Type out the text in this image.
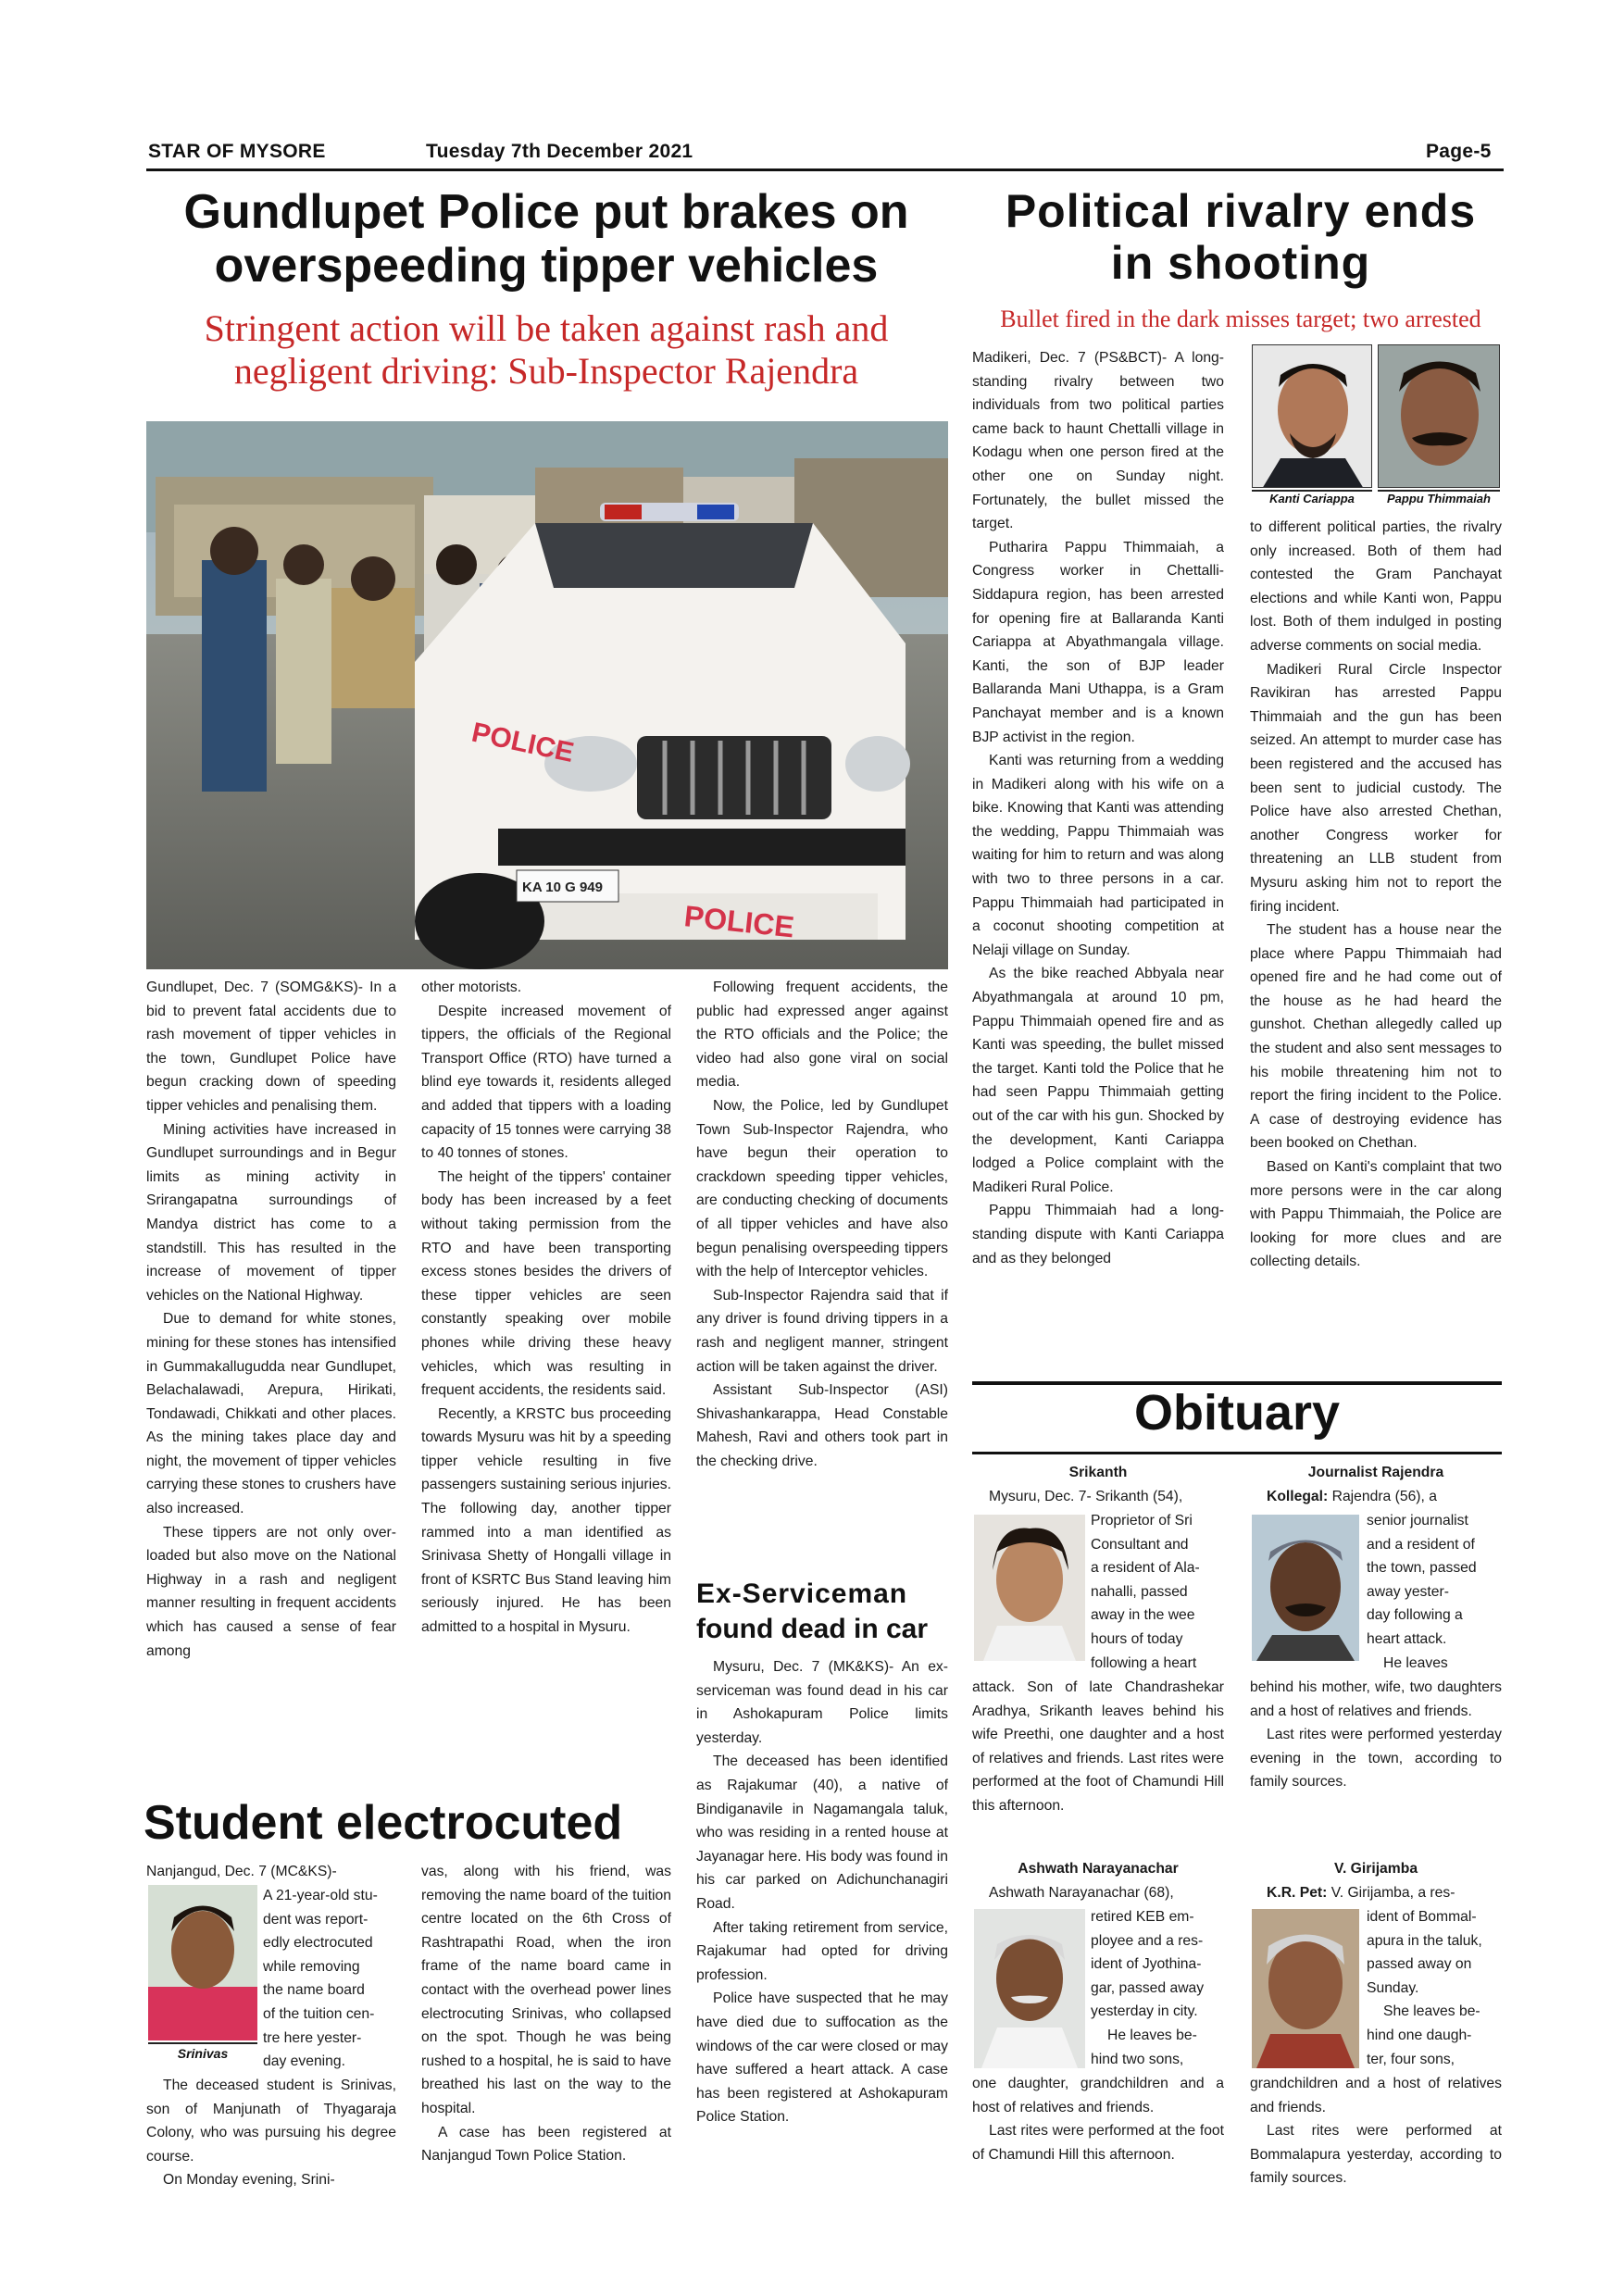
STAR OF MYSORE	Tuesday 7th December 2021	Page-5
Gundlupet Police put brakes on
overspeeding tipper vehicles
Stringent action will be taken against rash and
negligent driving: Sub-Inspector Rajendra
POLICE
POLICE
KA 10 G 949

Gundlupet, Dec. 7 (SOMG&KS)- In a bid to prevent fatal accidents due to rash movement of tipper vehicles in the town, Gundlupet Police have begun cracking down of speeding tipper vehicles and penalising them.

Mining activities have increased in Gundlupet surroundings and in Begur limits as mining activity in Srirangapatna surroundings of Mandya district has come to a standstill. This has resulted in the increase of movement of tipper vehicles on the National Highway.

Due to demand for white stones, mining for these stones has intensified in Gummakallugudda near Gundlupet, Belachalawadi, Arepura, Hirikati, Tondawadi, Chikkati and other places. As the mining takes place day and night, the movement of tipper vehicles carrying these stones to crushers have also increased.

These tippers are not only over-loaded but also move on the National Highway in a rash and negligent manner resulting in frequent accidents which has caused a sense of fear among

other motorists.

Despite increased movement of tippers, the officials of the Regional Transport Office (RTO) have turned a blind eye towards it, residents alleged and added that tippers with a loading capacity of 15 tonnes were carrying 38 to 40 tonnes of stones.

The height of the tippers' container body has been increased by a feet without taking permission from the RTO and have been transporting excess stones besides the drivers of these tipper vehicles are seen constantly speaking over mobile phones while driving these heavy vehicles, which was resulting in frequent accidents, the residents said.

Recently, a KRSTC bus proceeding towards Mysuru was hit by a speeding tipper vehicle resulting in five passengers sustaining serious injuries. The following day, another tipper rammed into a man identified as Srinivasa Shetty of Hongalli village in front of KSRTC Bus Stand leaving him seriously injured. He has been admitted to a hospital in Mysuru.

Following frequent accidents, the public had expressed anger against the RTO officials and the Police; the video had also gone viral on social media.

Now, the Police, led by Gundlupet Town Sub-Inspector Rajendra, who have begun their operation to crackdown speeding tipper vehicles, are conducting checking of documents of all tipper vehicles and have also begun penalising overspeeding tippers with the help of Interceptor vehicles.

Sub-Inspector Rajendra said that if any driver is found driving tippers in a rash and negligent manner, stringent action will be taken against the driver.

Assistant Sub-Inspector (ASI) Shivashankarappa, Head Constable Mahesh, Ravi and others took part in the checking drive.

Student electrocuted
Srinivas
Nanjangud, Dec. 7 (MC&KS)-
A 21-year-old stu-
dent was report-
edly electrocuted
while removing
the name board
of the tuition cen-
tre here yester-
day evening.

The deceased student is Srinivas, son of Manjunath of Thyagaraja Colony, who was pursuing his degree course.

On Monday evening, Srini-

vas, along with his friend, was removing the name board of the tuition centre located on the 6th Cross of Rashtrapathi Road, when the iron frame of the name board came in contact with the overhead power lines electrocuting Srinivas, who collapsed on the spot. Though he was being rushed to a hospital, he is said to have breathed his last on the way to the hospital.

A case has been registered at Nanjangud Town Police Station.

Ex-Serviceman
found dead in car

Mysuru, Dec. 7 (MK&KS)- An ex-serviceman was found dead in his car in Ashokapuram Police limits yesterday.

The deceased has been identified as Rajakumar (40), a native of Bindiganavile in Nagamangala taluk, who was residing in a rented house at Jayanagar here. His body was found in his car parked on Adichunchanagiri Road.

After taking retirement from service, Rajakumar had opted for driving profession.

Police have suspected that he may have died due to suffocation as the windows of the car were closed or may have suffered a heart attack. A case has been registered at Ashokapuram Police Station.

Political rivalry ends
in shooting
Bullet fired in the dark misses target; two arrested
Kanti Cariappa	Pappu Thimmaiah

Madikeri, Dec. 7 (PS&BCT)- A long-standing rivalry between two individuals from two political parties came back to haunt Chettalli village in Kodagu when one person fired at the other one on Sunday night. Fortunately, the bullet missed the target.

Putharira Pappu Thimmaiah, a Congress worker in Chettalli-Siddapura region, has been arrested for opening fire at Ballaranda Kanti Cariappa at Abyathmangala village. Kanti, the son of BJP leader Ballaranda Mani Uthappa, is a Gram Panchayat member and is a known BJP activist in the region.

Kanti was returning from a wedding in Madikeri along with his wife on a bike. Knowing that Kanti was attending the wedding, Pappu Thimmaiah was waiting for him to return and was along with two to three persons in a car. Pappu Thimmaiah had participated in a coconut shooting competition at Nelaji village on Sunday.

As the bike reached Abbyala near Abyathmangala at around 10 pm, Pappu Thimmaiah opened fire and as Kanti was speeding, the bullet missed the target. Kanti told the Police that he had seen Pappu Thimmaiah getting out of the car with his gun. Shocked by the development, Kanti Cariappa lodged a Police complaint with the Madikeri Rural Police.

Pappu Thimmaiah had a long-standing dispute with Kanti Cariappa and as they belonged

to different political parties, the rivalry only increased. Both of them had contested the Gram Panchayat elections and while Kanti won, Pappu lost. Both of them indulged in posting adverse comments on social media.

Madikeri Rural Circle Inspector Ravikiran has arrested Pappu Thimmaiah and the gun has been seized. An attempt to murder case has been registered and the accused has been sent to judicial custody. The Police have also arrested Chethan, another Congress worker for threatening an LLB student from Mysuru asking him not to report the firing incident.

The student has a house near the place where Pappu Thimmaiah had opened fire and he had come out of the house as he had heard the gunshot. Chethan allegedly called up the student and also sent messages to his mobile threatening him not to report the firing incident to the Police. A case of destroying evidence has been booked on Chethan.

Based on Kanti's complaint that two more persons were in the car along with Pappu Thimmaiah, the Police are looking for more clues and are collecting details.

Obituary
Srikanth
Mysuru, Dec. 7- Srikanth (54),
Proprietor of Sri
Consultant and
a resident of Ala-
nahalli, passed
away in the wee
hours of today
following a heart
attack. Son of late Chandrashekar Aradhya, Srikanth leaves behind his wife Preethi, one daughter and a host of relatives and friends. Last rites were performed at the foot of Chamundi Hill this afternoon.
Ashwath Narayanachar
Ashwath Narayanachar (68),
retired KEB em-
ployee and a res-
ident of Jyothina-
gar, passed away
yesterday in city.
He leaves be-
hind two sons,
one daughter, grandchildren and a host of relatives and friends.

Last rites were performed at the foot of Chamundi Hill this afternoon.

Journalist Rajendra
Kollegal: Rajendra (56), a
senior journalist
and a resident of
the town, passed
away yester-
day following a
heart attack.
He leaves
behind his mother, wife, two daughters and a host of relatives and friends.

Last rites were performed yesterday evening in the town, according to family sources.

V. Girijamba
K.R. Pet: V. Girijamba, a res-
ident of Bommal-
apura in the taluk,
passed away on
Sunday.
She leaves be-
hind one daugh-
ter, four sons,
grandchildren and a host of relatives and friends.

Last rites were performed at Bommalapura yesterday, according to family sources.
